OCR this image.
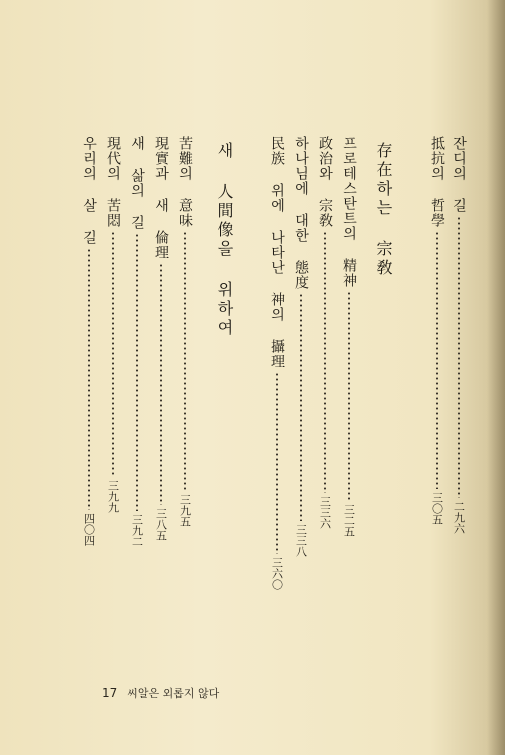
잔디의 길
二九六
抵抗의 哲學
三〇五
存在하는 宗敎
프로테스탄트의 精神
三二五
政治와 宗敎
三三六
하나님에 대한 態度
三三八
民族 위에 나타난 神의 攝理
三六〇
새 人間像을 위하여
苦難의 意味
三九五
現實과 새 倫理
三八五
새 삶의 길
三九二
現代의 苦悶
三九九
우리의 살 길
四〇四
17 씨알은 외롭지 않다
